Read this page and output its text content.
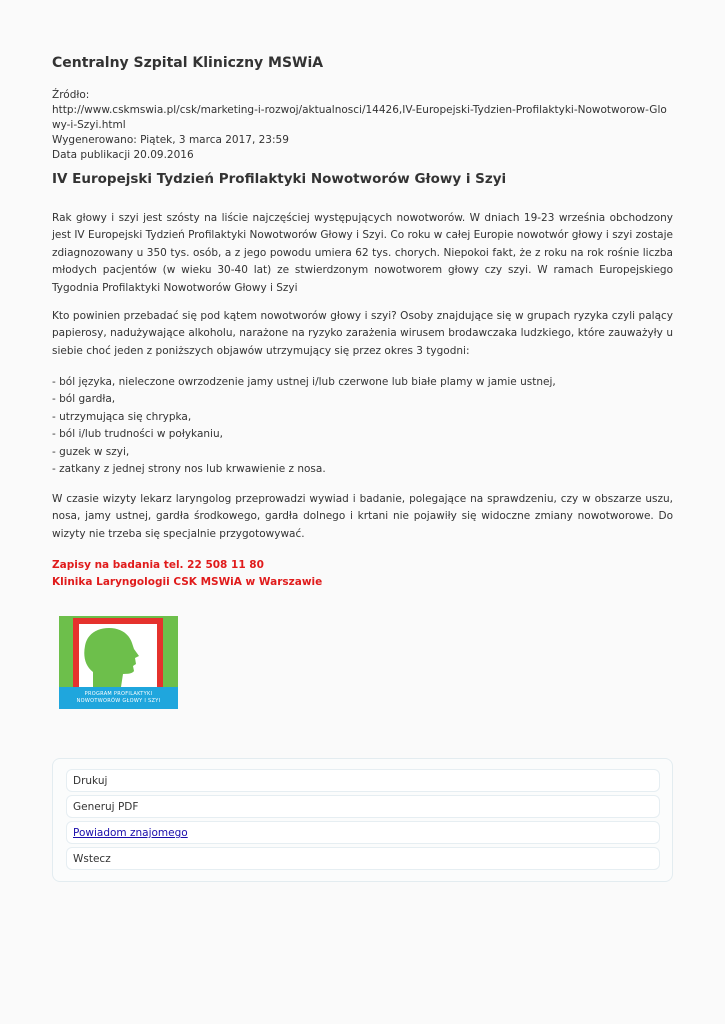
Centralny Szpital Kliniczny MSWiA
Źródło:
http://www.cskmswia.pl/csk/marketing-i-rozwoj/aktualnosci/14426,IV-Europejski-Tydzien-Profilaktyki-Nowotworow-Glowy-i-Szyi.html
Wygenerowano: Piątek, 3 marca 2017, 23:59
Data publikacji 20.09.2016
IV Europejski Tydzień Profilaktyki Nowotworów Głowy i Szyi

Rak głowy i szyi jest szósty na liście najczęściej występujących nowotworów. W dniach 19-23 września obchodzony jest IV Europejski Tydzień Profilaktyki Nowotworów Głowy i Szyi. Co roku w całej Europie nowotwór głowy i szyi zostaje zdiagnozowany u 350 tys. osób, a z jego powodu umiera 62 tys. chorych. Niepokoi fakt, że z roku na rok rośnie liczba młodych pacjentów (w wieku 30-40 lat) ze stwierdzonym nowotworem głowy czy szyi. W ramach Europejskiego Tygodnia Profilaktyki Nowotworów Głowy i Szyi

Kto powinien przebadać się pod kątem nowotworów głowy i szyi? Osoby znajdujące się w grupach ryzyka czyli palący papierosy, nadużywające alkoholu, narażone na ryzyko zarażenia wirusem brodawczaka ludzkiego, które zauważyły u siebie choć jeden z poniższych objawów utrzymujący się przez okres 3 tygodni:

- ból języka, nieleczone owrzodzenie jamy ustnej i/lub czerwone lub białe plamy w jamie ustnej,
- ból gardła,
- utrzymująca się chrypka,
- ból i/lub trudności w połykaniu,
- guzek w szyi,
- zatkany z jednej strony nos lub krwawienie z nosa.

W czasie wizyty lekarz laryngolog przeprowadzi wywiad i badanie, polegające na sprawdzeniu, czy w obszarze uszu, nosa, jamy ustnej, gardła środkowego, gardła dolnego i krtani nie pojawiły się widoczne zmiany nowotworowe. Do wizyty nie trzeba się specjalnie przygotowywać.

Zapisy na badania tel. 22 508 11 80
Klinika Laryngologii CSK MSWiA w Warszawie
PROGRAM PROFILAKTYKI
NOWOTWORÓW GŁOWY I SZYI
Drukuj
Generuj PDF
Powiadom znajomego
Wstecz
